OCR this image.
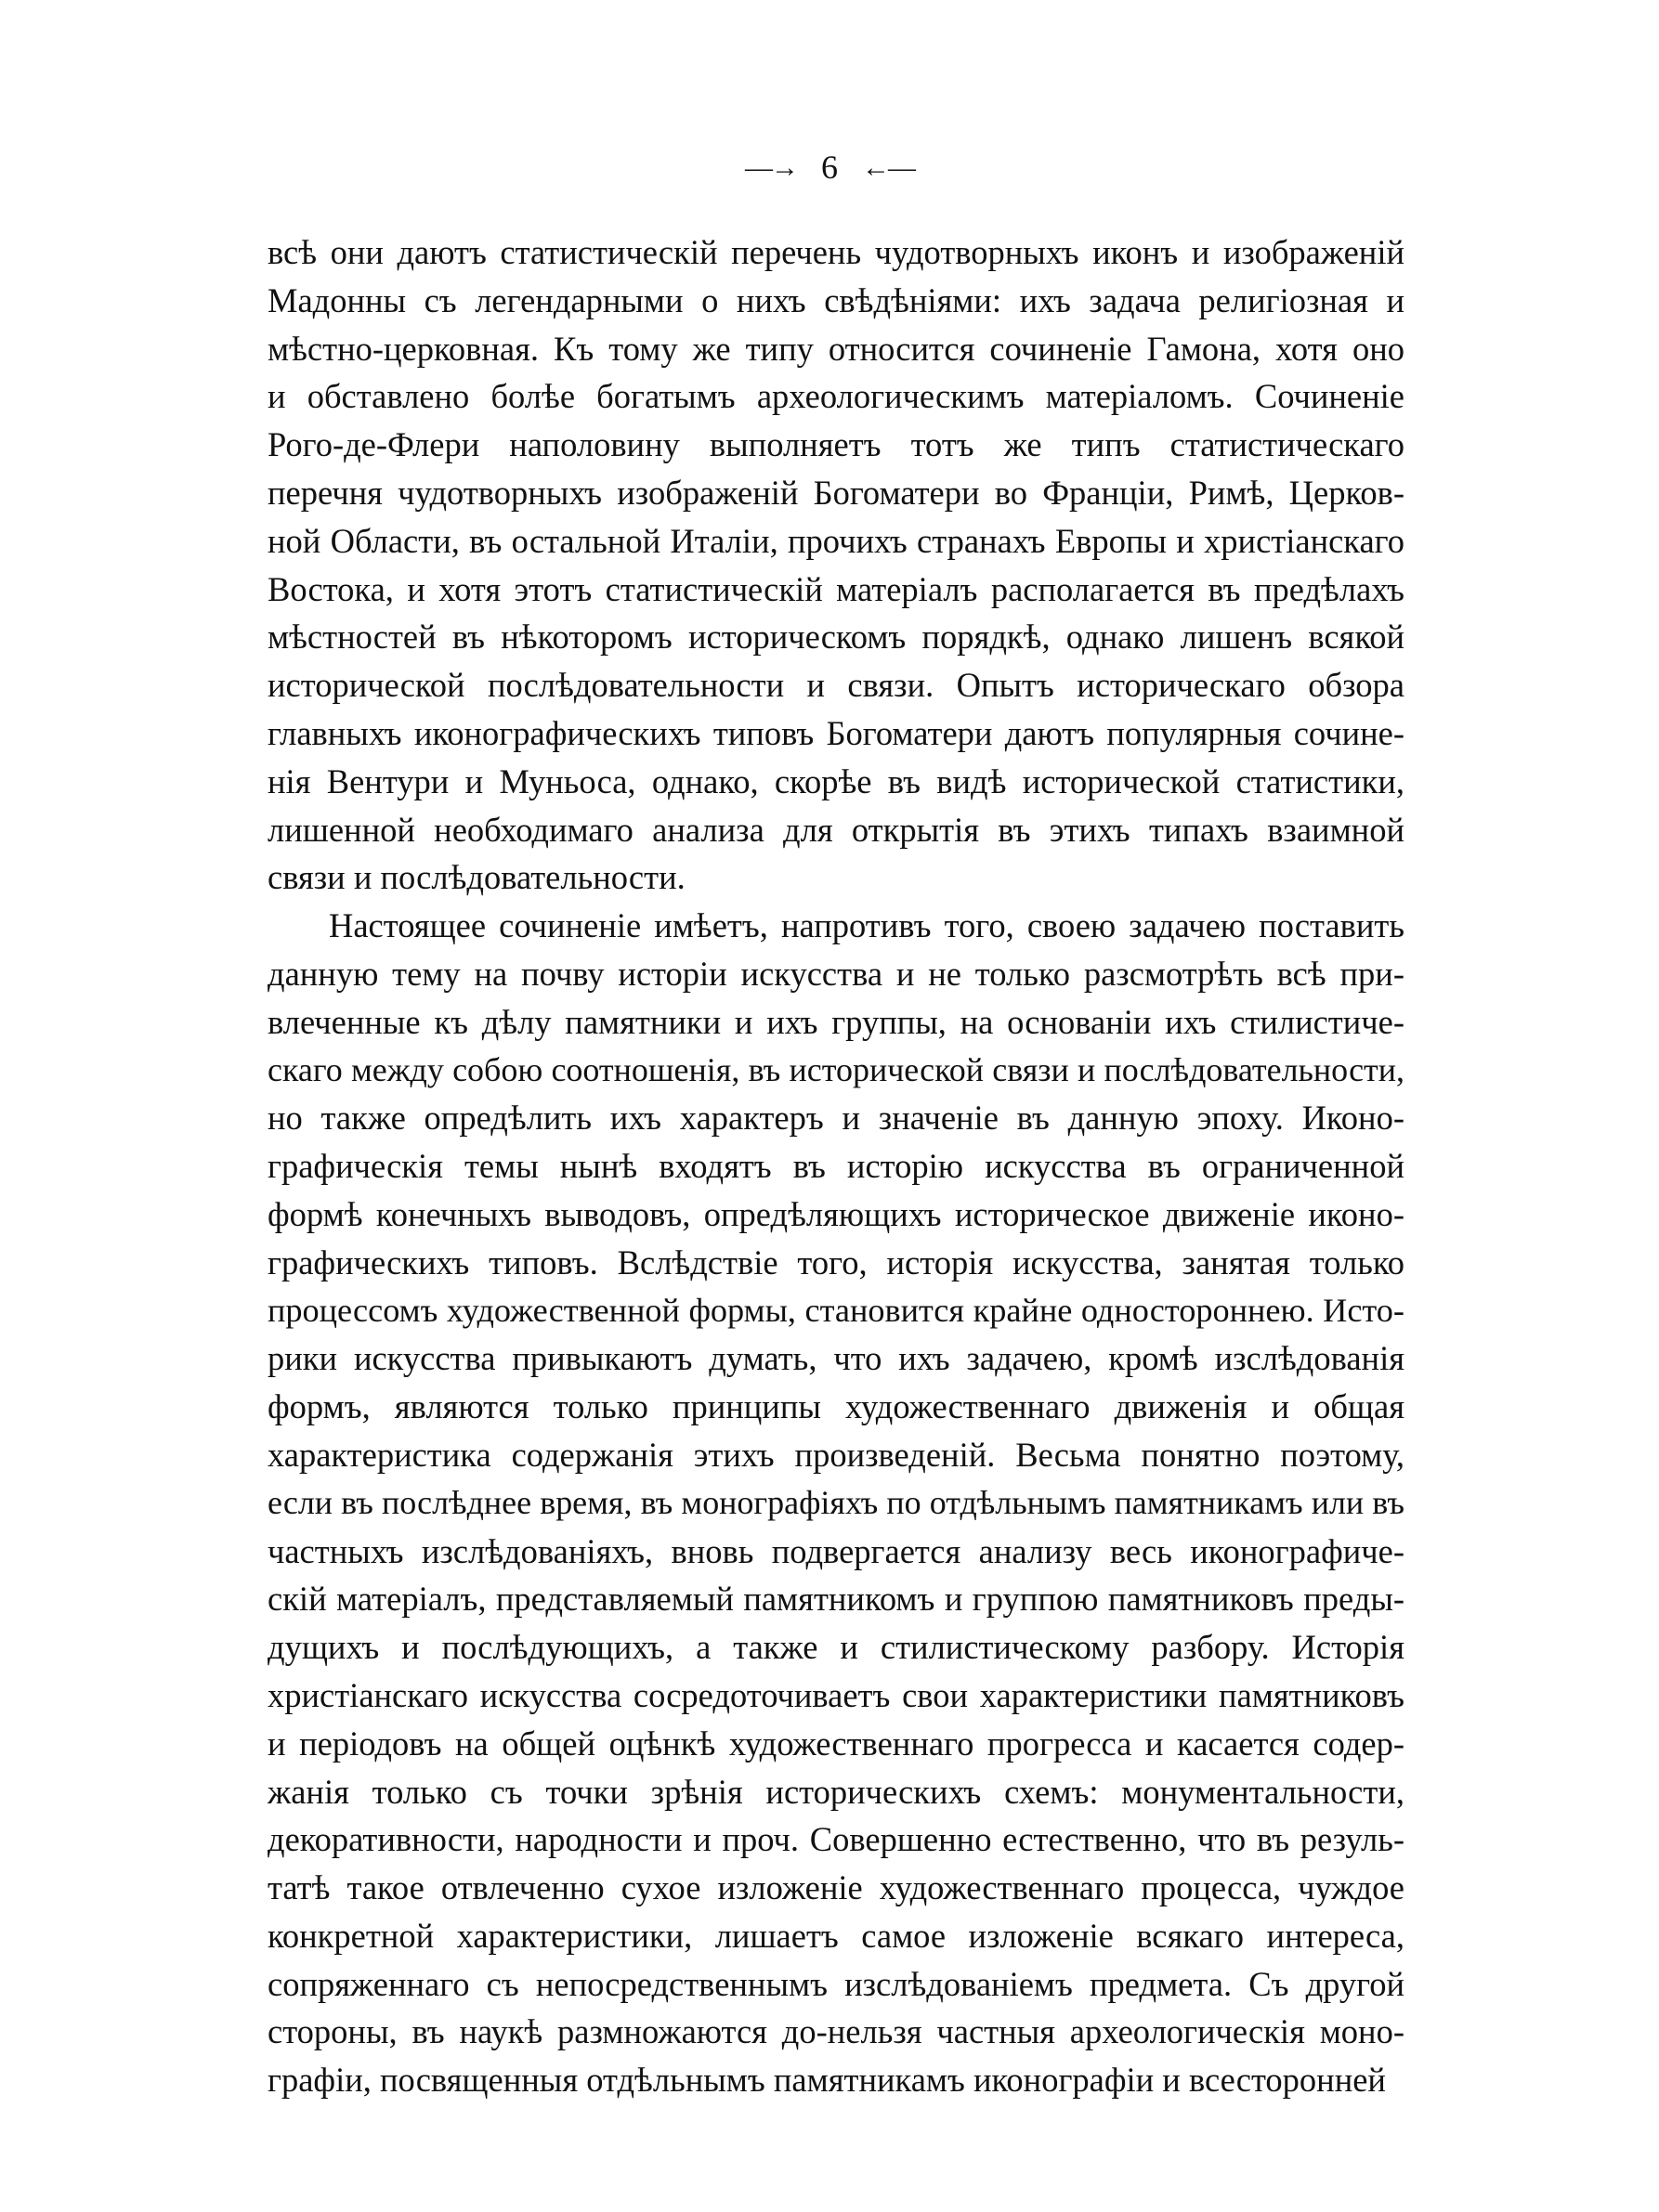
—→ 6 ←—
всѣ они даютъ статистическій перечень чудотворныхъ иконъ и изображеній
Мадонны съ легендарными о нихъ свѣдѣніями: ихъ задача религіозная и
мѣстно-церковная. Къ тому же типу относится сочиненіе Гамона, хотя оно
и обставлено болѣе богатымъ археологическимъ матеріаломъ. Сочиненіе
Рого-де-Флери наполовину выполняетъ тотъ же типъ статистическаго
перечня чудотворныхъ изображеній Богоматери во Франціи, Римѣ, Церков-
ной Области, въ остальной Италіи, прочихъ странахъ Европы и христіанскаго
Востока, и хотя этотъ статистическій матеріалъ располагается въ предѣлахъ
мѣстностей въ нѣкоторомъ историческомъ порядкѣ, однако лишенъ всякой
исторической послѣдовательности и связи. Опытъ историческаго обзора
главныхъ иконографическихъ типовъ Богоматери даютъ популярныя сочине-
нія Вентури и Муньоса, однако, скорѣе въ видѣ исторической статистики,
лишенной необходимаго анализа для открытія въ этихъ типахъ взаимной
связи и послѣдовательности.
Настоящее сочиненіе имѣетъ, напротивъ того, своею задачею поставить
данную тему на почву исторіи искусства и не только разсмотрѣть всѣ при-
влеченные къ дѣлу памятники и ихъ группы, на основаніи ихъ стилистиче-
скаго между собою соотношенія, въ исторической связи и послѣдовательности,
но также опредѣлить ихъ характеръ и значеніе въ данную эпоху. Иконо-
графическія темы нынѣ входятъ въ исторію искусства въ ограниченной
формѣ конечныхъ выводовъ, опредѣляющихъ историческое движеніе иконо-
графическихъ типовъ. Вслѣдствіе того, исторія искусства, занятая только
процессомъ художественной формы, становится крайне одностороннею. Исто-
рики искусства привыкаютъ думать, что ихъ задачею, кромѣ изслѣдованія
формъ, являются только принципы художественнаго движенія и общая
характеристика содержанія этихъ произведеній. Весьма понятно поэтому,
если въ послѣднее время, въ монографіяхъ по отдѣльнымъ памятникамъ или въ
частныхъ изслѣдованіяхъ, вновь подвергается анализу весь иконографиче-
скій матеріалъ, представляемый памятникомъ и группою памятниковъ преды-
дущихъ и послѣдующихъ, а также и стилистическому разбору. Исторія
христіанскаго искусства сосредоточиваетъ свои характеристики памятниковъ
и періодовъ на общей оцѣнкѣ художественнаго прогресса и касается содер-
жанія только съ точки зрѣнія историческихъ схемъ: монументальности,
декоративности, народности и проч. Совершенно естественно, что въ резуль-
татѣ такое отвлеченно сухое изложеніе художественнаго процесса, чуждое
конкретной характеристики, лишаетъ самое изложеніе всякаго интереса,
сопряженнаго съ непосредственнымъ изслѣдованіемъ предмета. Съ другой
стороны, въ наукѣ размножаются до-нельзя частныя археологическія моно-
графіи, посвященныя отдѣльнымъ памятникамъ иконографіи и всесторонней
